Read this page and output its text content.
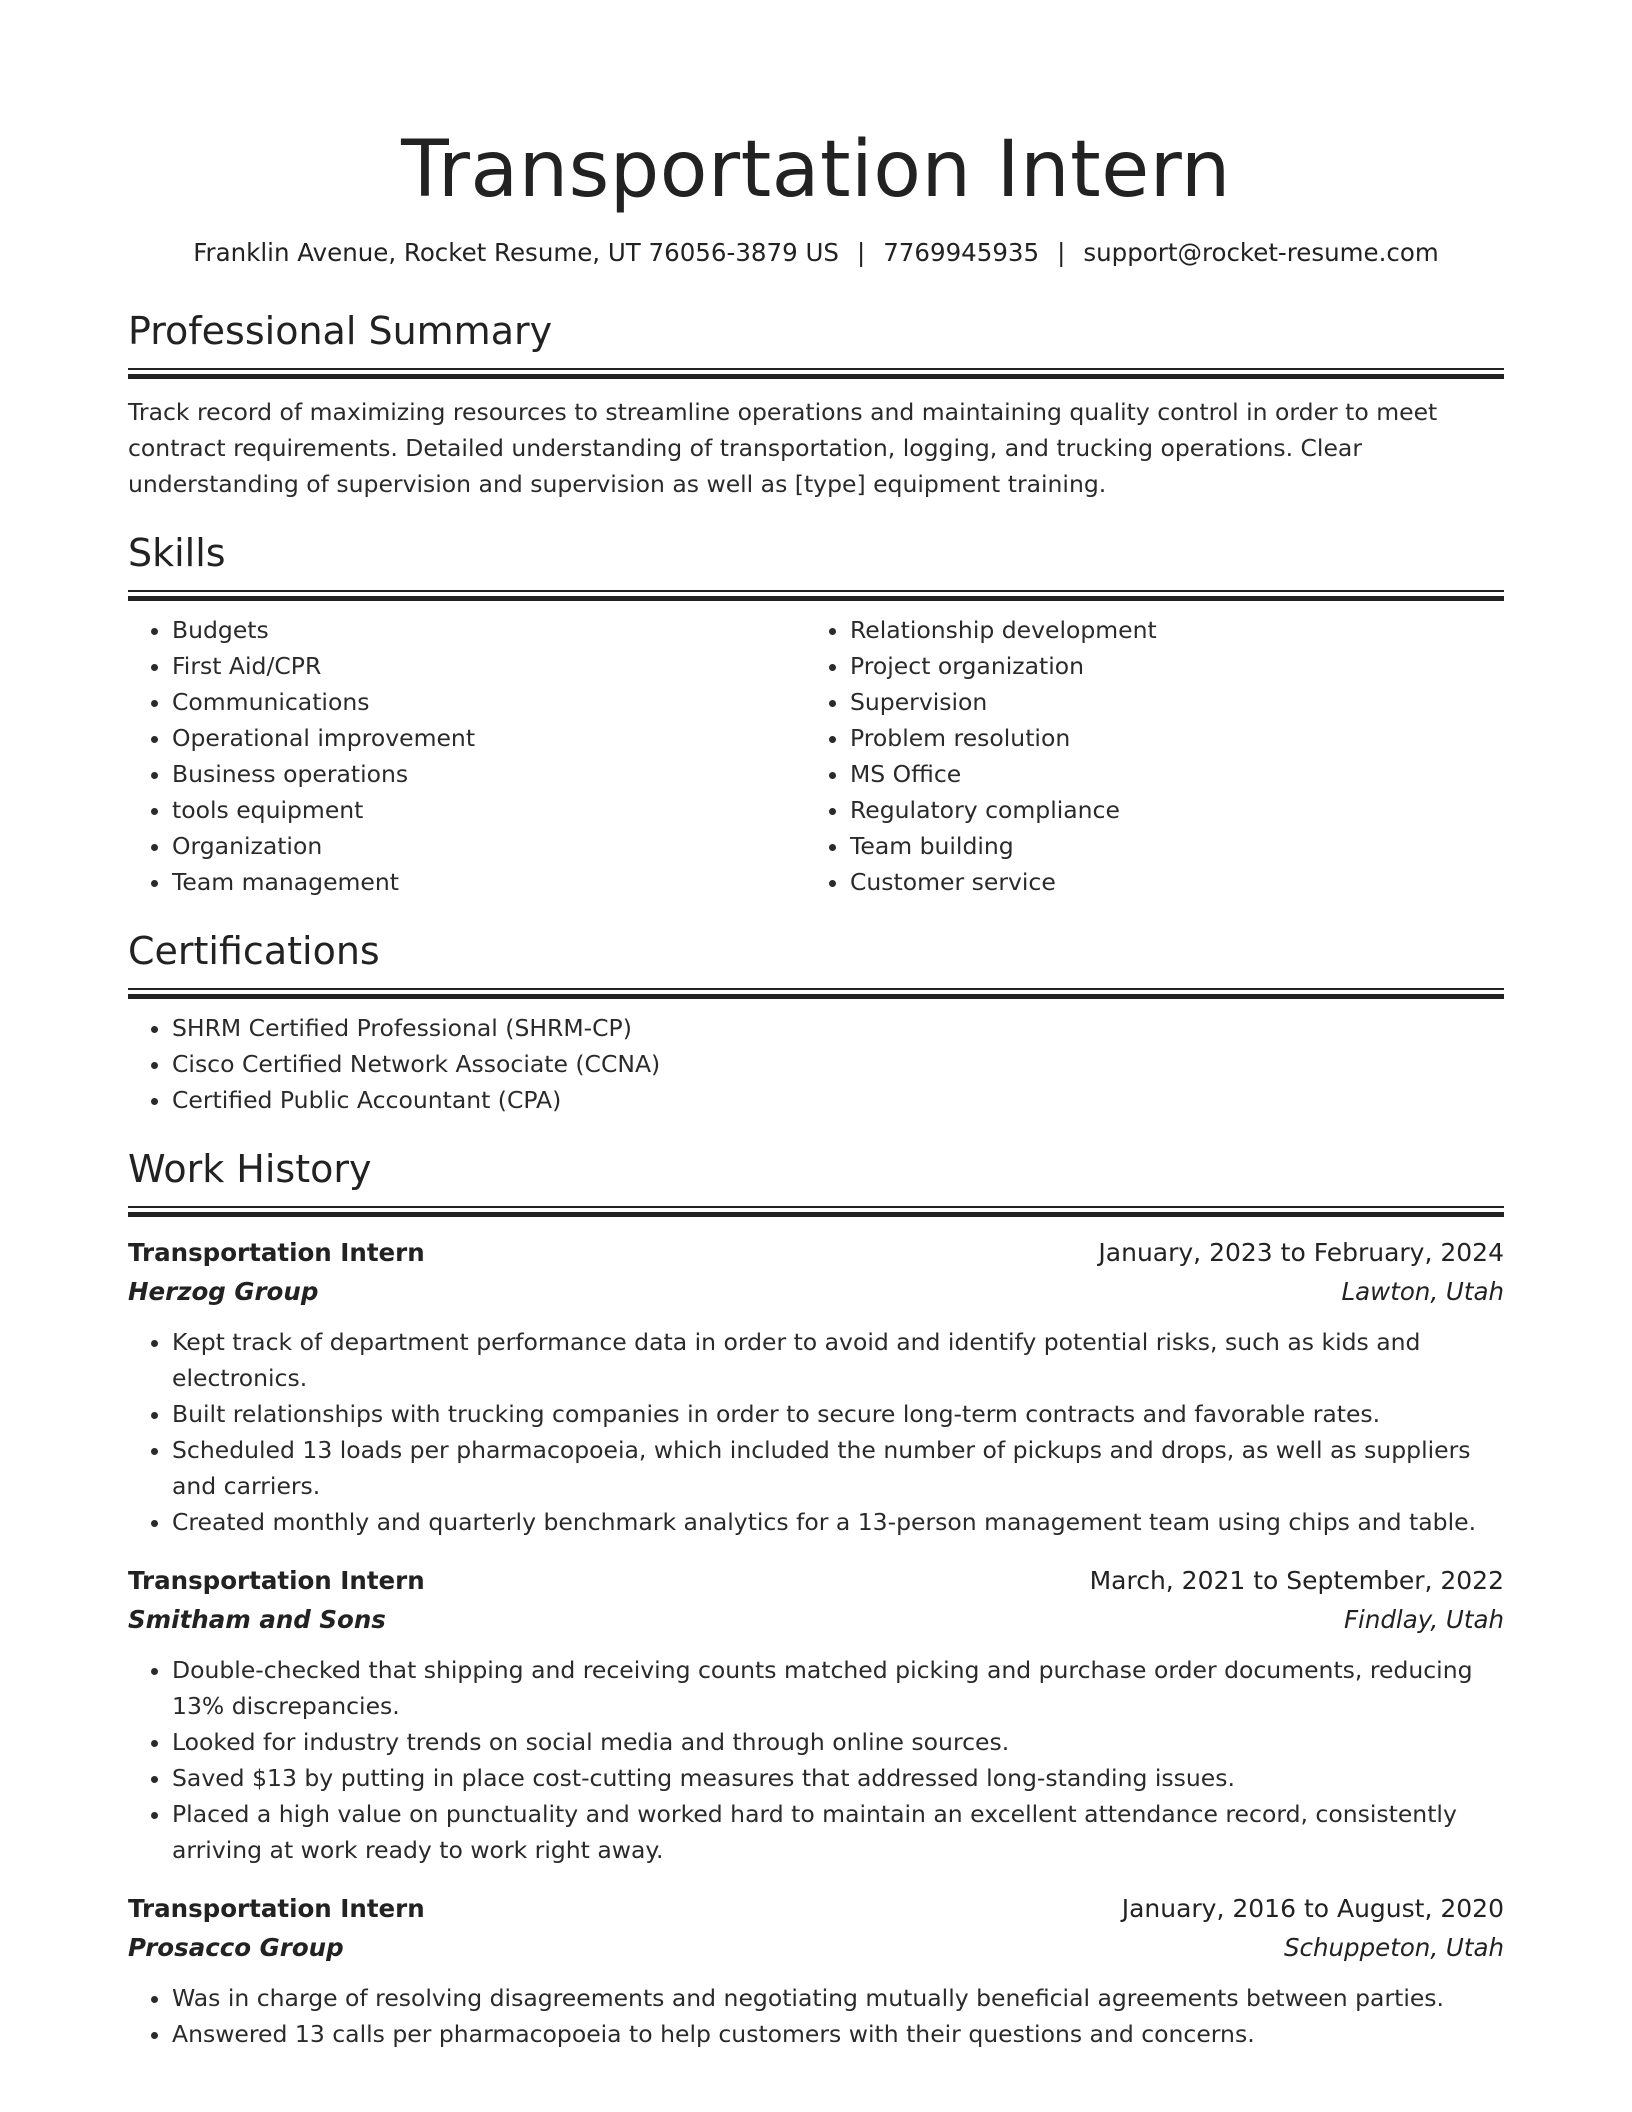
Transportation Intern
Franklin Avenue, Rocket Resume, UT 76056-3879 US | 7769945935 | support@rocket-resume.com
Professional Summary
Track record of maximizing resources to streamline operations and maintaining quality control in order to meet contract requirements. Detailed understanding of transportation, logging, and trucking operations. Clear understanding of supervision and supervision as well as [type] equipment training.
Skills
• Budgets
• First Aid/CPR
• Communications
• Operational improvement
• Business operations
• tools equipment
• Organization
• Team management
• Relationship development
• Project organization
• Supervision
• Problem resolution
• MS Office
• Regulatory compliance
• Team building
• Customer service
Certifications
• SHRM Certified Professional (SHRM-CP)
• Cisco Certified Network Associate (CCNA)
• Certified Public Accountant (CPA)
Work History
Transportation Intern	January, 2023 to February, 2024
Herzog Group	Lawton, Utah
• Kept track of department performance data in order to avoid and identify potential risks, such as kids and electronics.
• Built relationships with trucking companies in order to secure long-term contracts and favorable rates.
• Scheduled 13 loads per pharmacopoeia, which included the number of pickups and drops, as well as suppliers and carriers.
• Created monthly and quarterly benchmark analytics for a 13-person management team using chips and table.
Transportation Intern	March, 2021 to September, 2022
Smitham and Sons	Findlay, Utah
• Double-checked that shipping and receiving counts matched picking and purchase order documents, reducing 13% discrepancies.
• Looked for industry trends on social media and through online sources.
• Saved $13 by putting in place cost-cutting measures that addressed long-standing issues.
• Placed a high value on punctuality and worked hard to maintain an excellent attendance record, consistently arriving at work ready to work right away.
Transportation Intern	January, 2016 to August, 2020
Prosacco Group	Schuppeton, Utah
• Was in charge of resolving disagreements and negotiating mutually beneficial agreements between parties.
• Answered 13 calls per pharmacopoeia to help customers with their questions and concerns.
